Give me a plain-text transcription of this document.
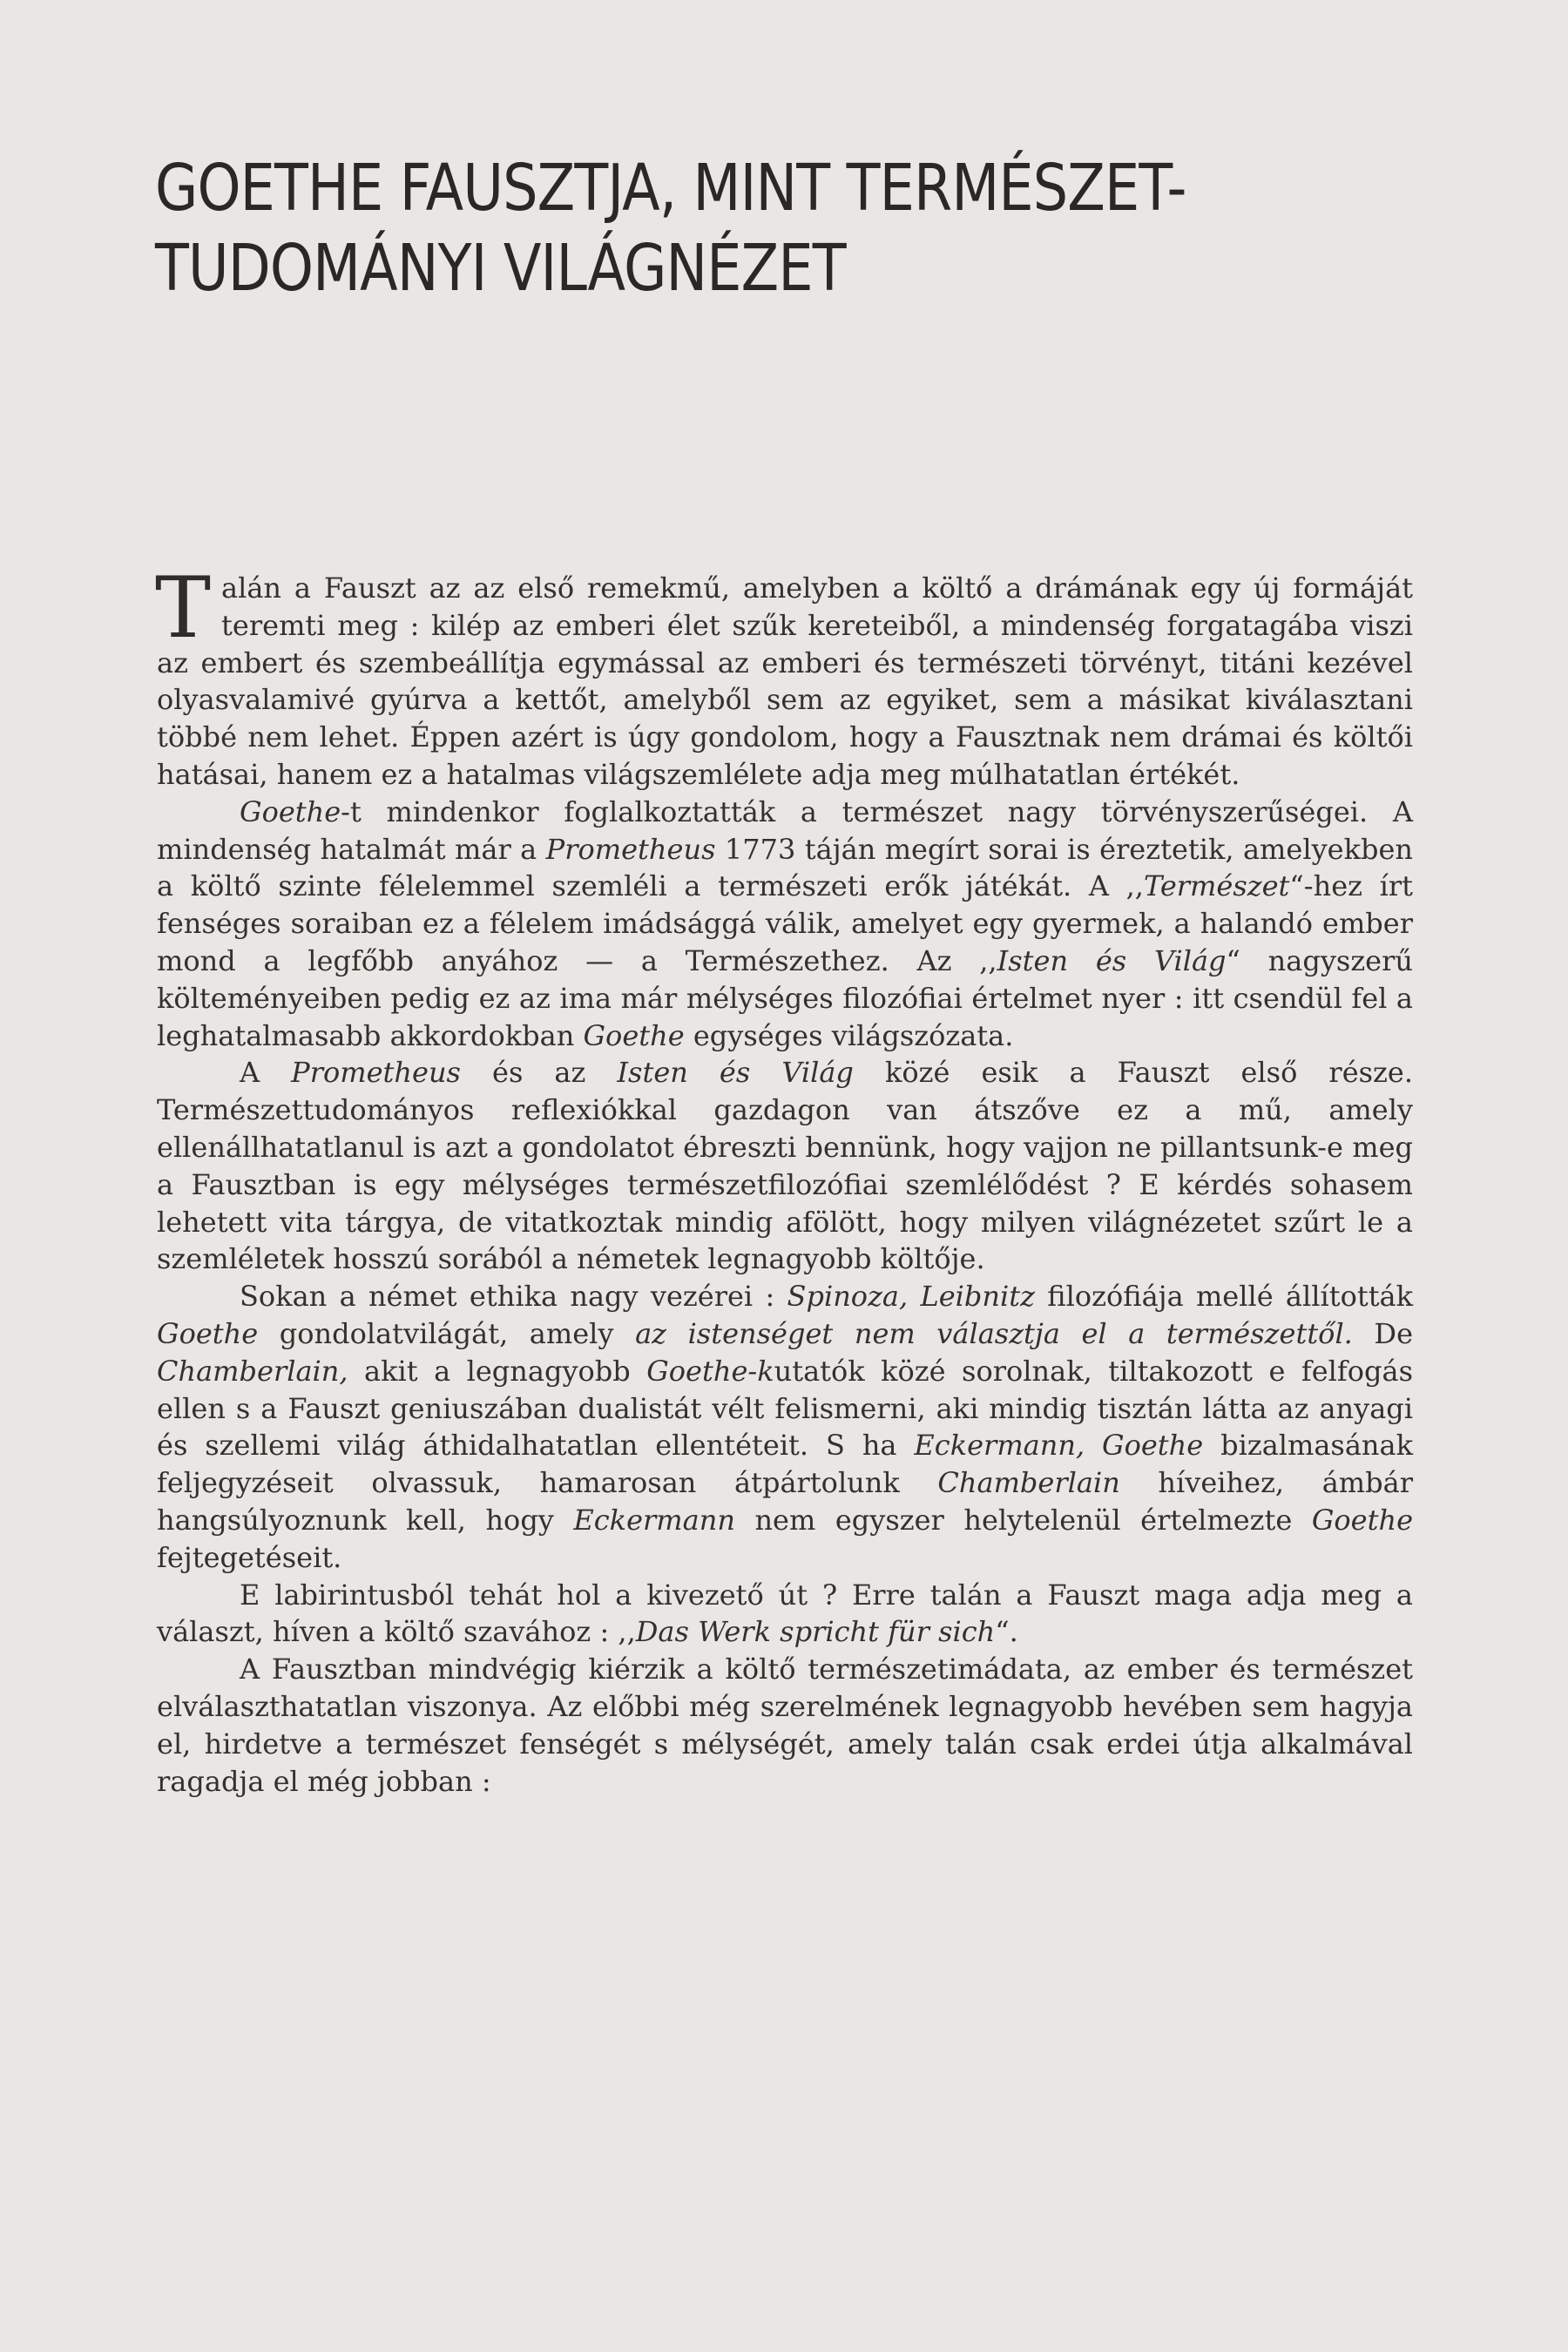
GOETHE FAUSZTJA, MINT TERMÉSZET-
TUDOMÁNYI VILÁGNÉZET

Talán a Fauszt az az első remekmű, amelyben a költő a drámának egy új formáját teremti meg : kilép az emberi élet szűk kereteiből, a mindenség forgatagába viszi az embert és szembeállítja egymással az emberi és természeti törvényt, titáni kezével olyasvalamivé gyúrva a kettőt, amelyből sem az egyiket, sem a másikat kiválasztani többé nem lehet. Éppen azért is úgy gondolom, hogy a Fausztnak nem drámai és költői hatásai, hanem ez a hatalmas világszemlélete adja meg múlhatatlan értékét.

Goethe-t mindenkor foglalkoztatták a természet nagy törvényszerűségei. A mindenség hatalmát már a Prometheus 1773 táján megírt sorai is éreztetik, amelyekben a költő szinte félelemmel szemléli a természeti erők játékát. A ,,Természet“-hez írt fenséges soraiban ez a félelem imádsággá válik, amelyet egy gyermek, a halandó ember mond a legfőbb anyához — a Természethez. Az ,,Isten és Világ“ nagyszerű költeményeiben pedig ez az ima már mélységes filozófiai értelmet nyer : itt csendül fel a leghatalmasabb akkordokban Goethe egységes világszózata.

A Prometheus és az Isten és Világ közé esik a Fauszt első része. Természettudományos reflexiókkal gazdagon van átszőve ez a mű, amely ellenállhatatlanul is azt a gondolatot ébreszti bennünk, hogy vajjon ne pillantsunk-e meg a Fausztban is egy mélységes természetfilozófiai szemlélődést ? E kérdés sohasem lehetett vita tárgya, de vitatkoztak mindig afölött, hogy milyen világnézetet szűrt le a szemléletek hosszú sorából a németek legnagyobb költője.

Sokan a német ethika nagy vezérei : Spinoza, Leibnitz filozófiája mellé állították Goethe gondolatvilágát, amely az istenséget nem választja el a természettől. De Chamberlain, akit a legnagyobb Goethe-kutatók közé sorolnak, tiltakozott e felfogás ellen s a Fauszt geniuszában dualistát vélt felismerni, aki mindig tisztán látta az anyagi és szellemi világ áthidalhatatlan ellentéteit. S ha Eckermann, Goethe bizalmasának feljegyzéseit olvassuk, hamarosan átpártolunk Chamberlain híveihez, ámbár hangsúlyoznunk kell, hogy Eckermann nem egyszer helytelenül értelmezte Goethe fejtegetéseit.

E labirintusból tehát hol a kivezető út ? Erre talán a Fauszt maga adja meg a választ, híven a költő szavához : ,,Das Werk spricht für sich“.

A Fausztban mindvégig kiérzik a költő természetimádata, az ember és természet elválaszthatatlan viszonya. Az előbbi még szerelmének legnagyobb hevében sem hagyja el, hirdetve a természet fenségét s mélységét, amely talán csak erdei útja alkalmával ragadja el még jobban :
